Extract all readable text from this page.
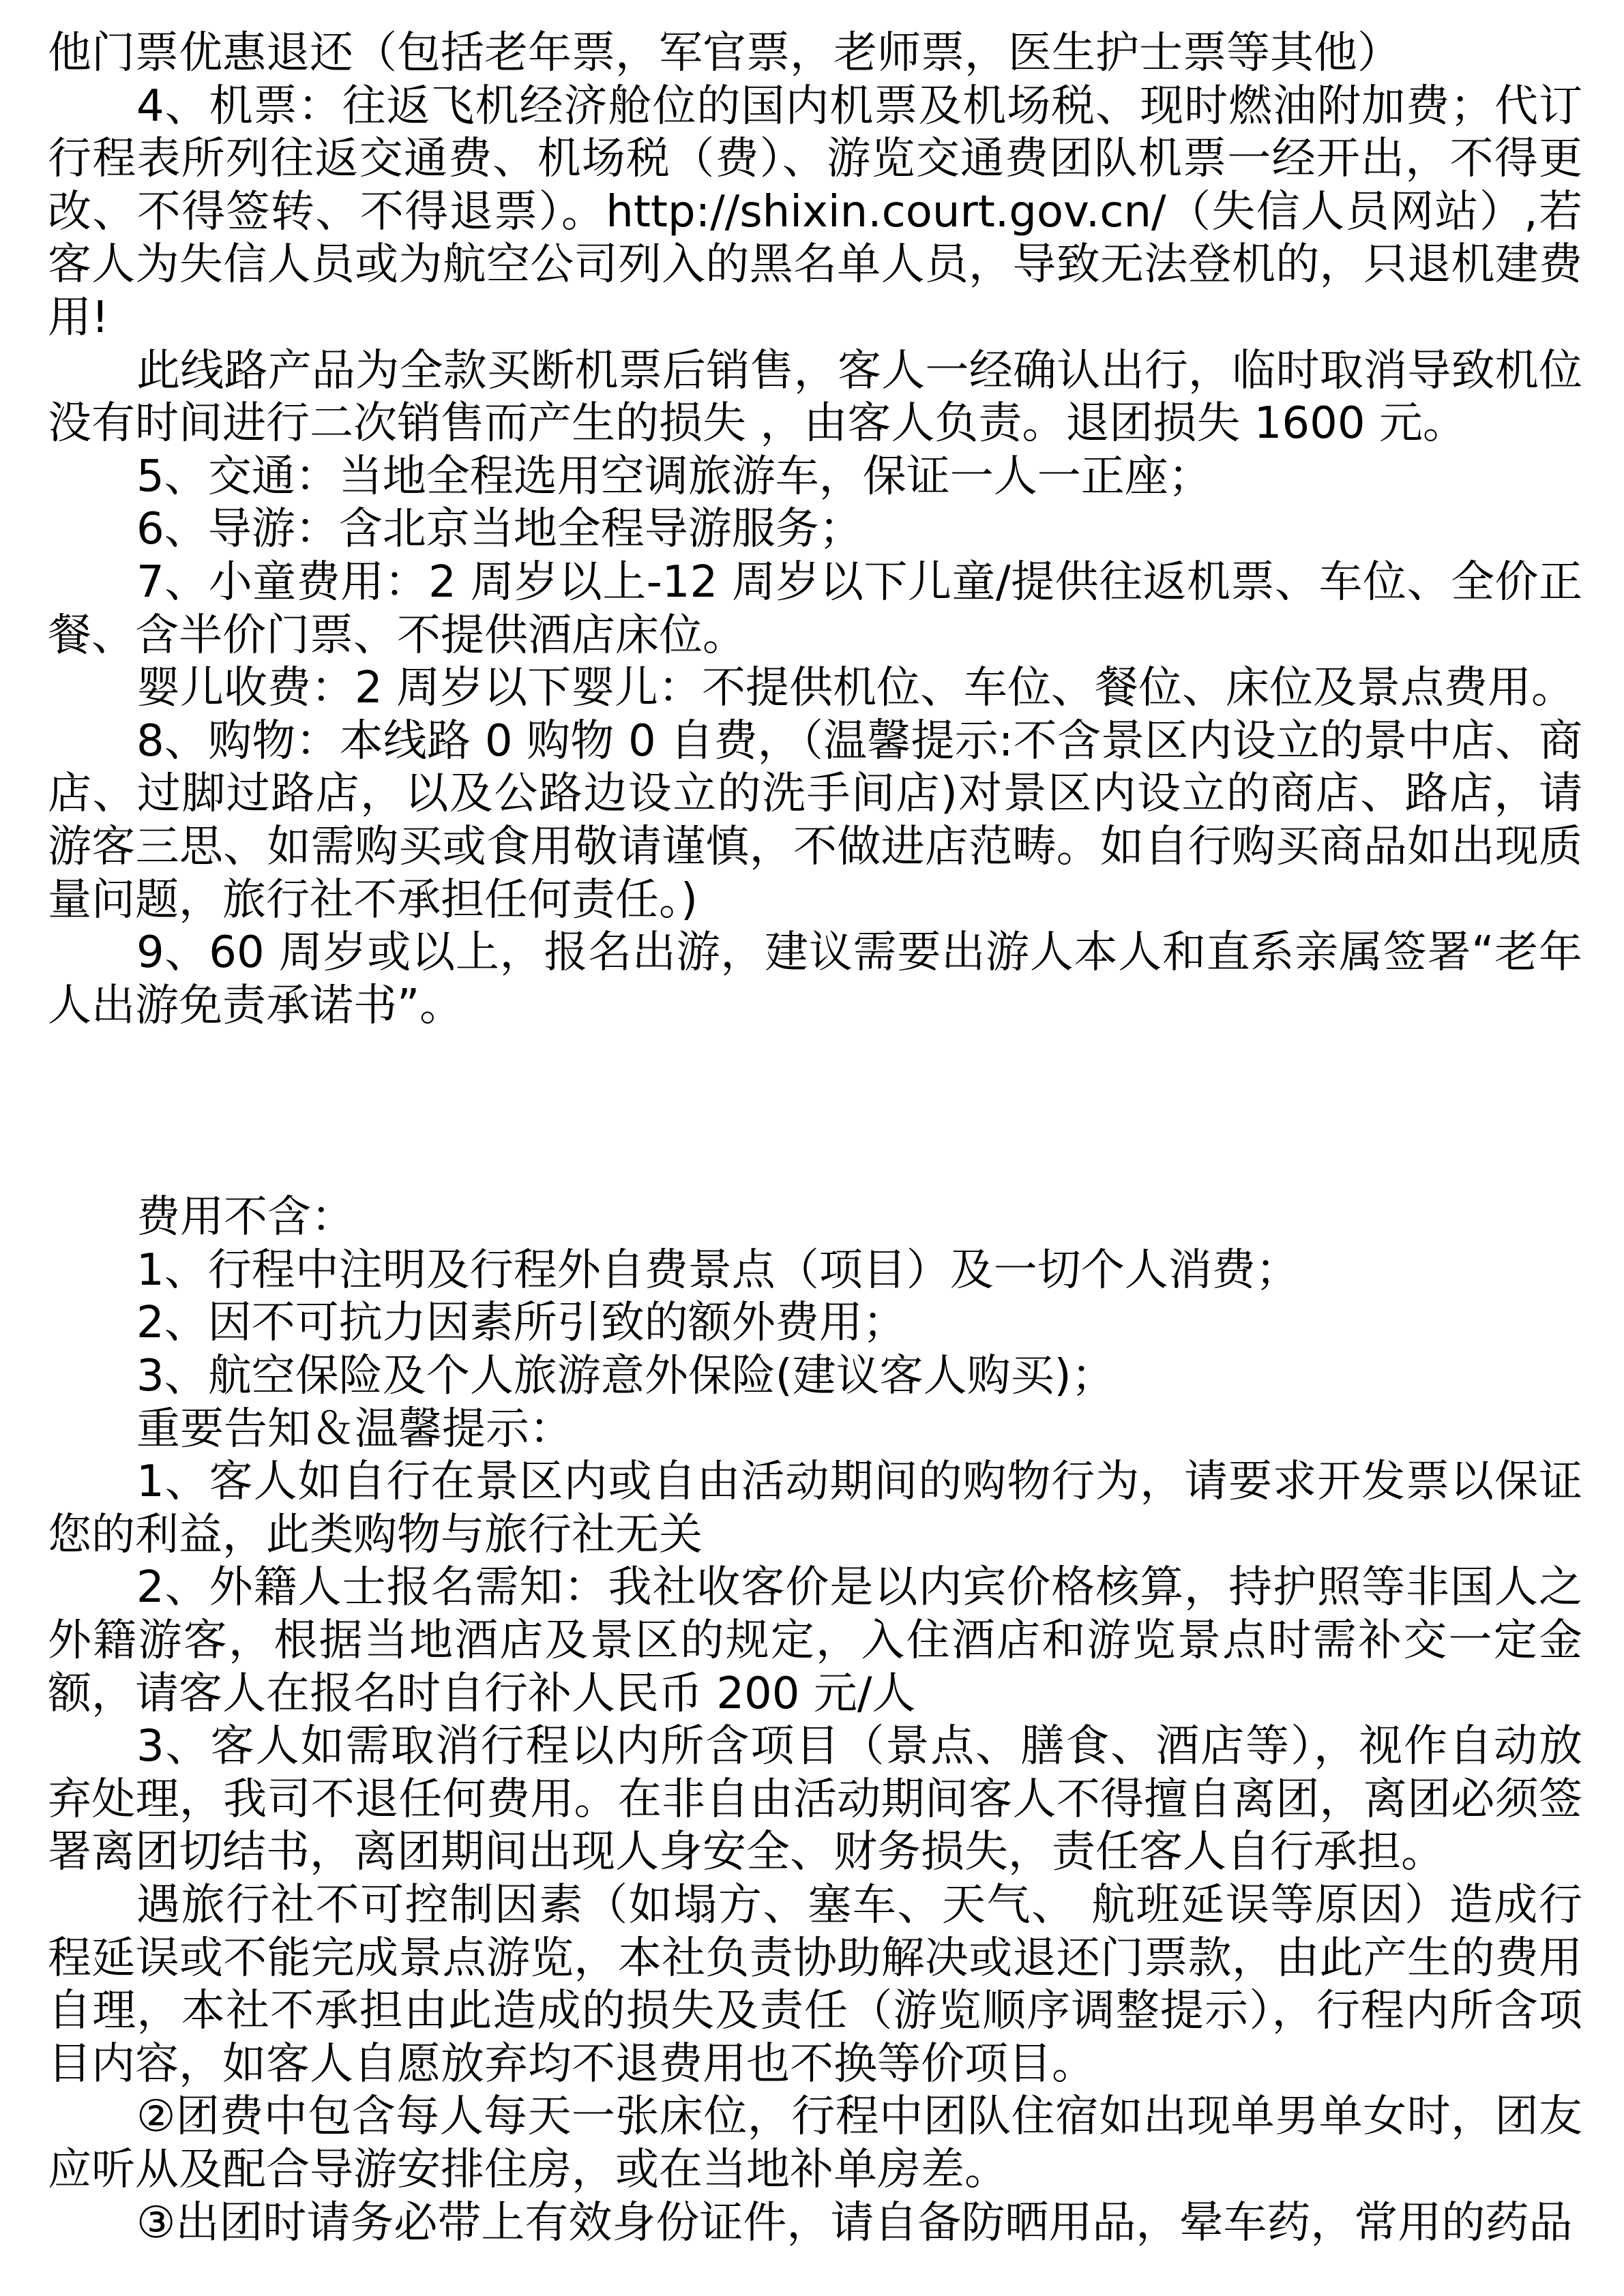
他门票优惠退还（包括老年票，军官票，老师票，医生护士票等其他）

4、机票：往返飞机经济舱位的国内机票及机场税、现时燃油附加费；代订行程表所列往返交通费、机场税（费）、游览交通费团队机票一经开出，不得更改、不得签转、不得退票）。http://shixin.court.gov.cn/（失信人员网站）,若客人为失信人员或为航空公司列入的黑名单人员，导致无法登机的，只退机建费用!

此线路产品为全款买断机票后销售，客人一经确认出行，临时取消导致机位没有时间进行二次销售而产生的损失 ，由客人负责。退团损失 1600 元。

5、交通：当地全程选用空调旅游车，保证一人一正座；

6、导游：含北京当地全程导游服务；

7、小童费用：2 周岁以上-12 周岁以下儿童/提供往返机票、车位、全价正餐、含半价门票、不提供酒店床位。

婴儿收费：2 周岁以下婴儿：不提供机位、车位、餐位、床位及景点费用。

8、购物：本线路 0 购物 0 自费，（温馨提示:不含景区内设立的景中店、商店、过脚过路店，以及公路边设立的洗手间店)对景区内设立的商店、路店，请游客三思、如需购买或食用敬请谨慎，不做进店范畴。如自行购买商品如出现质量问题，旅行社不承担任何责任。)

9、60 周岁或以上，报名出游，建议需要出游人本人和直系亲属签署“老年人出游免责承诺书”。

费用不含：

1、行程中注明及行程外自费景点（项目）及一切个人消费；

2、因不可抗力因素所引致的额外费用；

3、航空保险及个人旅游意外保险(建议客人购买)；

重要告知＆温馨提示：

1、客人如自行在景区内或自由活动期间的购物行为，请要求开发票以保证您的利益，此类购物与旅行社无关

2、外籍人士报名需知：我社收客价是以内宾价格核算，持护照等非国人之外籍游客，根据当地酒店及景区的规定，入住酒店和游览景点时需补交一定金额，请客人在报名时自行补人民币 200 元/人

3、客人如需取消行程以内所含项目（景点、膳食、酒店等），视作自动放弃处理，我司不退任何费用。在非自由活动期间客人不得擅自离团，离团必须签署离团切结书，离团期间出现人身安全、财务损失，责任客人自行承担。

遇旅行社不可控制因素（如塌方、塞车、天气、 航班延误等原因）造成行程延误或不能完成景点游览，本社负责协助解决或退还门票款，由此产生的费用自理，本社不承担由此造成的损失及责任（游览顺序调整提示），行程内所含项目内容，如客人自愿放弃均不退费用也不换等价项目。

②团费中包含每人每天一张床位，行程中团队住宿如出现单男单女时，团友应听从及配合导游安排住房，或在当地补单房差。

③出团时请务必带上有效身份证件，请自备防晒用品，晕车药，常用的药品
